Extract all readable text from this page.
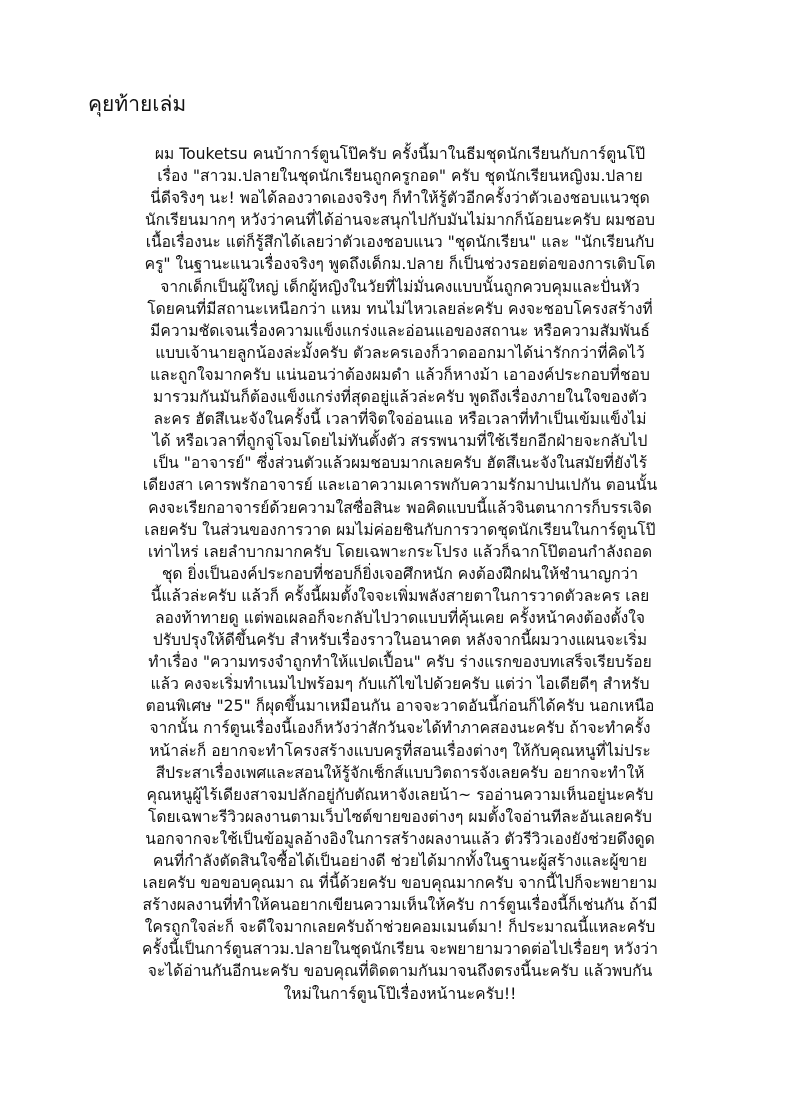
คุยท้ายเล่ม
ผม Touketsu คนบ้าการ์ตูนโป๊ครับ ครั้งนี้มาในธีมชุดนักเรียนกับการ์ตูนโป๊
เรื่อง "สาวม.ปลายในชุดนักเรียนถูกครูกอด" ครับ ชุดนักเรียนหญิงม.ปลาย
นี่ดีจริงๆ นะ! พอได้ลองวาดเองจริงๆ ก็ทำให้รู้ตัวอีกครั้งว่าตัวเองชอบแนวชุด
นักเรียนมากๆ หวังว่าคนที่ได้อ่านจะสนุกไปกับมันไม่มากก็น้อยนะครับ ผมชอบ
เนื้อเรื่องนะ แต่ก็รู้สึกได้เลยว่าตัวเองชอบแนว "ชุดนักเรียน" และ "นักเรียนกับ
ครู" ในฐานะแนวเรื่องจริงๆ พูดถึงเด็กม.ปลาย ก็เป็นช่วงรอยต่อของการเติบโต
จากเด็กเป็นผู้ใหญ่ เด็กผู้หญิงในวัยที่ไม่มั่นคงแบบนั้นถูกควบคุมและปั่นหัว
โดยคนที่มีสถานะเหนือกว่า แหม ทนไม่ไหวเลยล่ะครับ คงจะชอบโครงสร้างที่
มีความชัดเจนเรื่องความแข็งแกร่งและอ่อนแอของสถานะ หรือความสัมพันธ์
แบบเจ้านายลูกน้องล่ะมั้งครับ ตัวละครเองก็วาดออกมาได้น่ารักกว่าที่คิดไว้
และถูกใจมากครับ แน่นอนว่าต้องผมดำ แล้วก็หางม้า เอาองค์ประกอบที่ชอบ
มารวมกันมันก็ต้องแข็งแกร่งที่สุดอยู่แล้วล่ะครับ พูดถึงเรื่องภายในใจของตัว
ละคร ฮัตสึเนะจังในครั้งนี้ เวลาที่จิตใจอ่อนแอ หรือเวลาที่ทำเป็นเข้มแข็งไม่
ได้ หรือเวลาที่ถูกจู่โจมโดยไม่ทันตั้งตัว สรรพนามที่ใช้เรียกอีกฝ่ายจะกลับไป
เป็น "อาจารย์" ซึ่งส่วนตัวแล้วผมชอบมากเลยครับ ฮัตสึเนะจังในสมัยที่ยังไร้
เดียงสา เคารพรักอาจารย์ และเอาความเคารพกับความรักมาปนเปกัน ตอนนั้น
คงจะเรียกอาจารย์ด้วยความใสซื่อสินะ พอคิดแบบนี้แล้วจินตนาการก็บรรเจิด
เลยครับ ในส่วนของการวาด ผมไม่ค่อยชินกับการวาดชุดนักเรียนในการ์ตูนโป๊
เท่าไหร่ เลยลำบากมากครับ โดยเฉพาะกระโปรง แล้วก็ฉากโป๊ตอนกำลังถอด
ชุด ยิ่งเป็นองค์ประกอบที่ชอบก็ยิ่งเจอศึกหนัก คงต้องฝึกฝนให้ชำนาญกว่า
นี้แล้วล่ะครับ แล้วก็ ครั้งนี้ผมตั้งใจจะเพิ่มพลังสายตาในการวาดตัวละคร เลย
ลองท้าทายดู แต่พอเผลอก็จะกลับไปวาดแบบที่คุ้นเคย ครั้งหน้าคงต้องตั้งใจ
ปรับปรุงให้ดีขึ้นครับ สำหรับเรื่องราวในอนาคต หลังจากนี้ผมวางแผนจะเริ่ม
ทำเรื่อง "ความทรงจำถูกทำให้แปดเปื้อน" ครับ ร่างแรกของบทเสร็จเรียบร้อย
แล้ว คงจะเริ่มทำเนมไปพร้อมๆ กับแก้ไขไปด้วยครับ แต่ว่า ไอเดียดีๆ สำหรับ
ตอนพิเศษ "25" ก็ผุดขึ้นมาเหมือนกัน อาจจะวาดอันนี้ก่อนก็ได้ครับ นอกเหนือ
จากนั้น การ์ตูนเรื่องนี้เองก็หวังว่าสักวันจะได้ทำภาคสองนะครับ ถ้าจะทำครั้ง
หน้าล่ะก็ อยากจะทำโครงสร้างแบบครูที่สอนเรื่องต่างๆ ให้กับคุณหนูที่ไม่ประ
สีประสาเรื่องเพศและสอนให้รู้จักเซ็กส์แบบวิตถารจังเลยครับ อยากจะทำให้
คุณหนูผู้ไร้เดียงสาจมปลักอยู่กับตัณหาจังเลยน้า~ รออ่านความเห็นอยู่นะครับ
โดยเฉพาะรีวิวผลงานตามเว็บไซต์ขายของต่างๆ ผมตั้งใจอ่านทีละอันเลยครับ
นอกจากจะใช้เป็นข้อมูลอ้างอิงในการสร้างผลงานแล้ว ตัวรีวิวเองยังช่วยดึงดูด
คนที่กำลังตัดสินใจซื้อได้เป็นอย่างดี ช่วยได้มากทั้งในฐานะผู้สร้างและผู้ขาย
เลยครับ ขอขอบคุณมา ณ ที่นี้ด้วยครับ ขอบคุณมากครับ จากนี้ไปก็จะพยายาม
สร้างผลงานที่ทำให้คนอยากเขียนความเห็นให้ครับ การ์ตูนเรื่องนี้ก็เช่นกัน ถ้ามี
ใครถูกใจล่ะก็ จะดีใจมากเลยครับถ้าช่วยคอมเมนต์มา! ก็ประมาณนี้แหละครับ
ครั้งนี้เป็นการ์ตูนสาวม.ปลายในชุดนักเรียน จะพยายามวาดต่อไปเรื่อยๆ หวังว่า
จะได้อ่านกันอีกนะครับ ขอบคุณที่ติดตามกันมาจนถึงตรงนี้นะครับ แล้วพบกัน
ใหม่ในการ์ตูนโป๊เรื่องหน้านะครับ!!
